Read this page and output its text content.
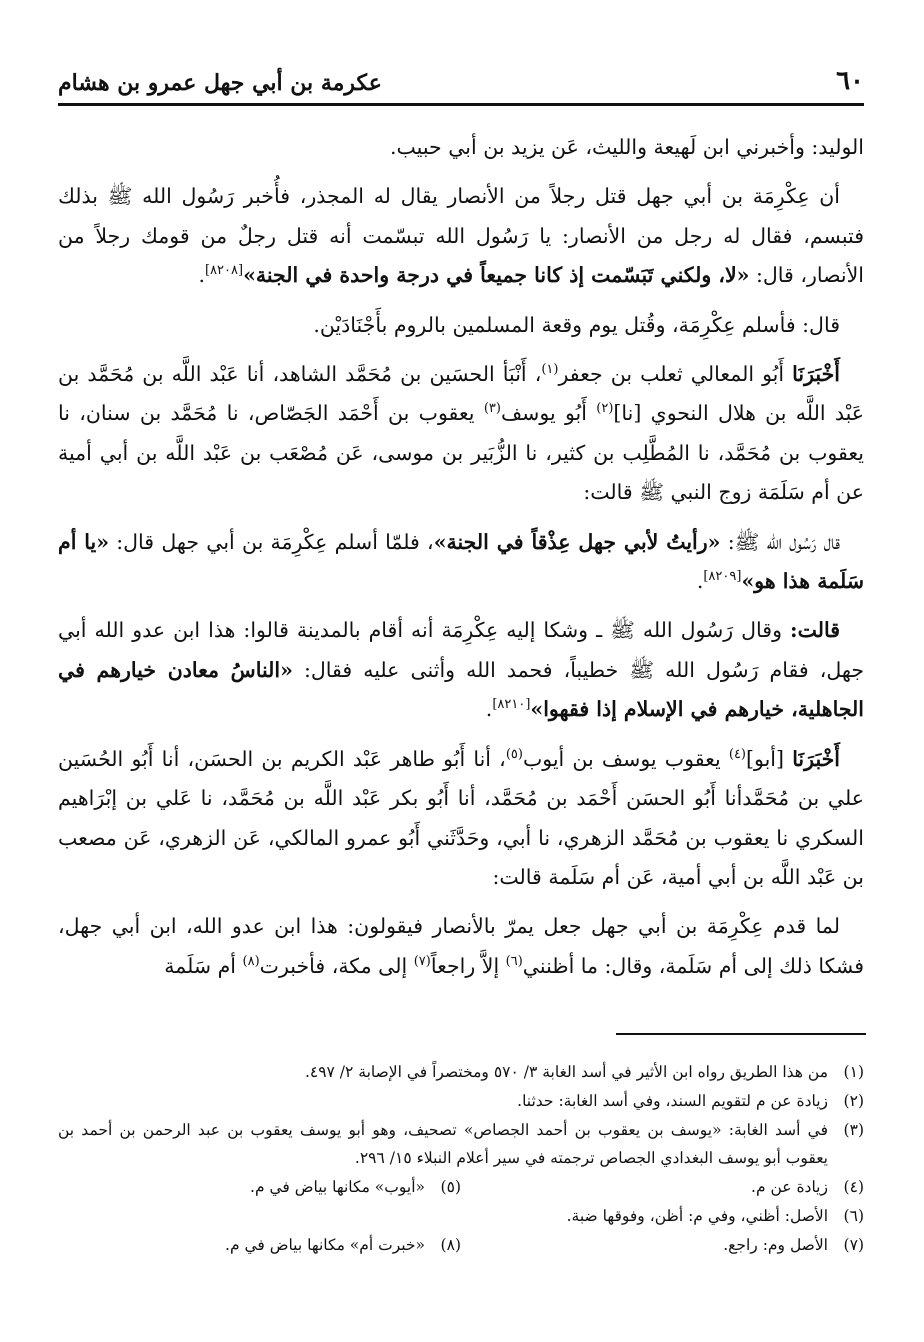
٦٠
عكرمة بن أبي جهل عمرو بن هشام

الوليد: وأخبرني ابن لَهيعة والليث، عَن يزيد بن أبي حبيب.

أن عِكْرِمَة بن أبي جهل قتل رجلاً من الأنصار يقال له المجذر، فأُخبر رَسُول الله ﷺ بذلك فتبسم، فقال له رجل من الأنصار: يا رَسُول الله تبسّمت أنه قتل رجلٌ من قومك رجلاً من الأنصار، قال: «لا، ولكني تَبَسّمت إذ كانا جميعاً في درجة واحدة في الجنة»[٨٢٠٨].

قال: فأسلم عِكْرِمَة، وقُتل يوم وقعة المسلمين بالروم بأَجْنَادَيْن.

أَخْبَرَنَا أَبُو المعالي ثعلب بن جعفر$^{(١)}$، أَنْبَأ الحسَين بن مُحَمَّد الشاهد، أنا عَبْد اللَّه بن مُحَمَّد بن عَبْد اللَّه بن هلال النحوي [نا]$^{(٢)}$ أَبُو يوسف$^{(٣)}$ يعقوب بن أَحْمَد الجَصّاص، نا مُحَمَّد بن سنان، نا يعقوب بن مُحَمَّد، نا المُطَّلِب بن كثير، نا الزُّبَير بن موسى، عَن مُصْعَب بن عَبْد اللَّه بن أبي أمية عن أم سَلَمَة زوج النبي ﷺ قالت:

قال رَسُول الله ﷺ: «رأيتُ لأبي جهل عِذْقاً في الجنة»، فلمّا أسلم عِكْرِمَة بن أبي جهل قال: «يا أم سَلَمة هذا هو»[٨٢٠٩].

قالت: وقال رَسُول الله ﷺ ـ وشكا إليه عِكْرِمَة أنه أقام بالمدينة قالوا: هذا ابن عدو الله أبي جهل، فقام رَسُول الله ﷺ خطيباً، فحمد الله وأثنى عليه فقال: «الناسُ معادن خيارهم في الجاهلية، خيارهم في الإسلام إذا فقهوا»[٨٢١٠].

أَخْبَرَنَا [أبو]$^{(٤)}$ يعقوب يوسف بن أيوب$^{(٥)}$، أنا أَبُو طاهر عَبْد الكريم بن الحسَن، أنا أَبُو الحُسَين علي بن مُحَمَّدأنا أَبُو الحسَن أَحْمَد بن مُحَمَّد، أنا أَبُو بكر عَبْد اللَّه بن مُحَمَّد، نا عَلي بن إبْرَاهيم السكري نا يعقوب بن مُحَمَّد الزهري، نا أبي، وحَدَّثَني أَبُو عمرو المالكي، عَن الزهري، عَن مصعب بن عَبْد اللَّه بن أبي أمية، عَن أم سَلَمة قالت:

لما قدم عِكْرِمَة بن أبي جهل جعل يمرّ بالأنصار فيقولون: هذا ابن عدو الله، ابن أبي جهل، فشكا ذلك إلى أم سَلَمة، وقال: ما أظنني$^{(٦)}$ إلاَّ راجعاً$^{(٧)}$ إلى مكة، فأخبرت$^{(٨)}$ أم سَلَمة

(١)
من هذا الطريق رواه ابن الأثير في أسد الغابة ٣/ ٥٧٠ ومختصراً في الإصابة ٢/ ٤٩٧.
(٢)
زيادة عن م لتقويم السند، وفي أسد الغابة: حدثنا.
(٣)
في أسد الغابة: «يوسف بن يعقوب بن أحمد الجصاص» تصحيف، وهو أبو يوسف يعقوب بن عبد الرحمن بن أحمد بن يعقوب أبو يوسف البغدادي الجصاص ترجمته في سير أعلام النبلاء ١٥/ ٢٩٦.
(٤)
زيادة عن م.
(٥)
«أيوب» مكانها بياض في م.
(٦)
الأصل: أظني، وفي م: أظن، وفوقها ضبة.
(٧)
الأصل وم: راجع.
(٨)
«خبرت أم» مكانها بياض في م.
